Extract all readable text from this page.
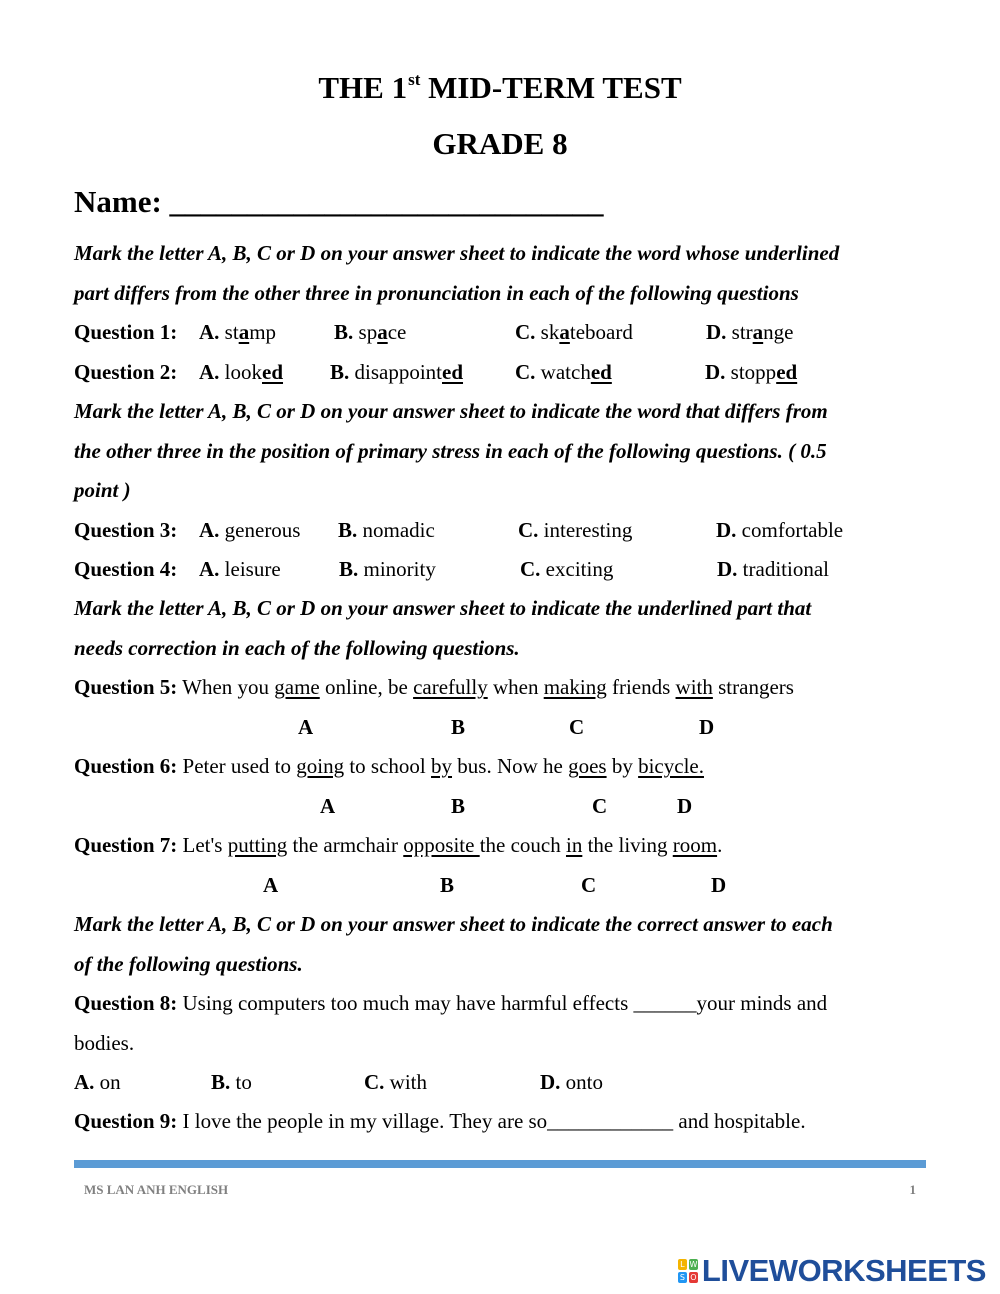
THE 1st MID-TERM TEST
GRADE 8
Name: ____________________________
Mark the letter A, B, C or D on your answer sheet to indicate the word whose underlined
part differs from the other three in pronunciation in each of the following questions
Question 1: A. stamp	B. space	C. skateboard	D. strange
Question 2: A. looked B. disappointed C. watched	D. stopped
Mark the letter A, B, C or D on your answer sheet to indicate the word that differs from
the other three in the position of primary stress in each of the following questions. ( 0.5
point )
Question 3: A. generous B. nomadic	C. interesting	D. comfortable
Question 4: A. leisure	B. minority	C. exciting	D. traditional
Mark the letter A, B, C or D on your answer sheet to indicate the underlined part that
needs correction in each of the following questions.
Question 5: When you game online, be carefully when making friends with strangers
A	B	C	D
Question 6: Peter used to going to school by bus. Now he goes by bicycle.
A	B	C	D
Question 7: Let's putting the armchair opposite the couch in the living room.
A	B	C	D
Mark the letter A, B, C or D on your answer sheet to indicate the correct answer to each
of the following questions.
Question 8: Using computers too much may have harmful effects ______your minds and
bodies.
A. on	B. to	C. with	D. onto
Question 9: I love the people in my village. They are so____________ and hospitable.
MS LAN ANH ENGLISH	1
L W
S O LIVEWORKSHEETS
